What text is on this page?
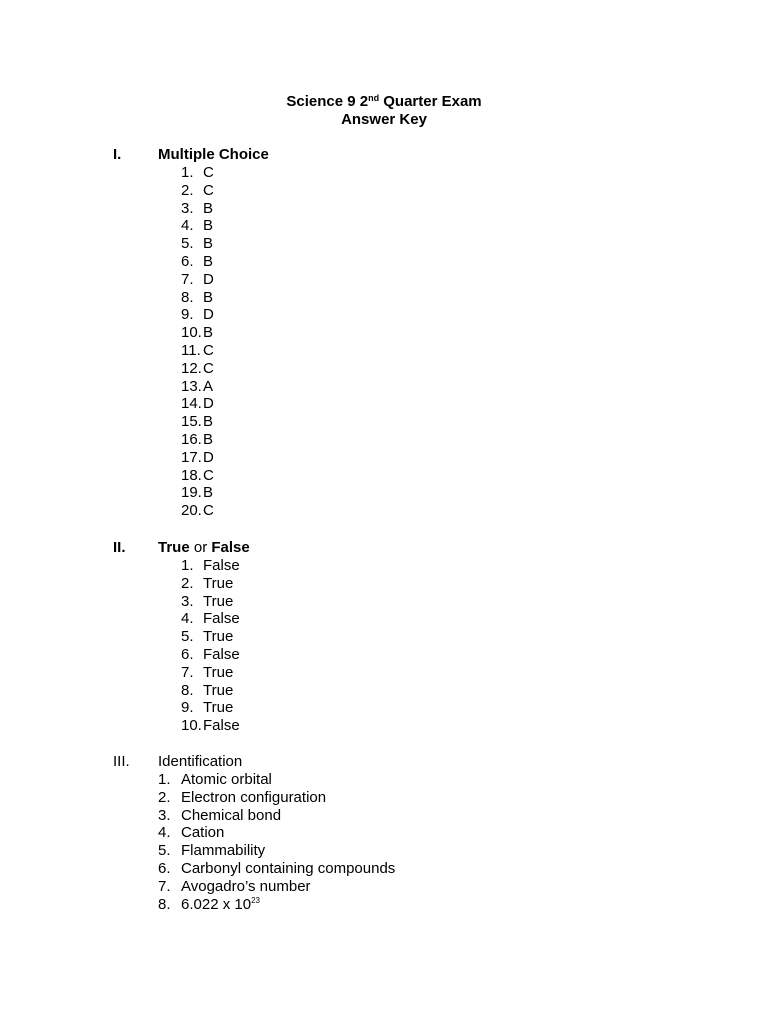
Science 9 2nd Quarter Exam
Answer Key
I. Multiple Choice
1. C
2. C
3. B
4. B
5. B
6. B
7. D
8. B
9. D
10. B
11. C
12. C
13. A
14. D
15. B
16. B
17. D
18. C
19. B
20. C
II. True or False
1. False
2. True
3. True
4. False
5. True
6. False
7. True
8. True
9. True
10. False
III. Identification
1. Atomic orbital
2. Electron configuration
3. Chemical bond
4. Cation
5. Flammability
6. Carbonyl containing compounds
7. Avogadro’s number
8. 6.022 x $10^{23}$
